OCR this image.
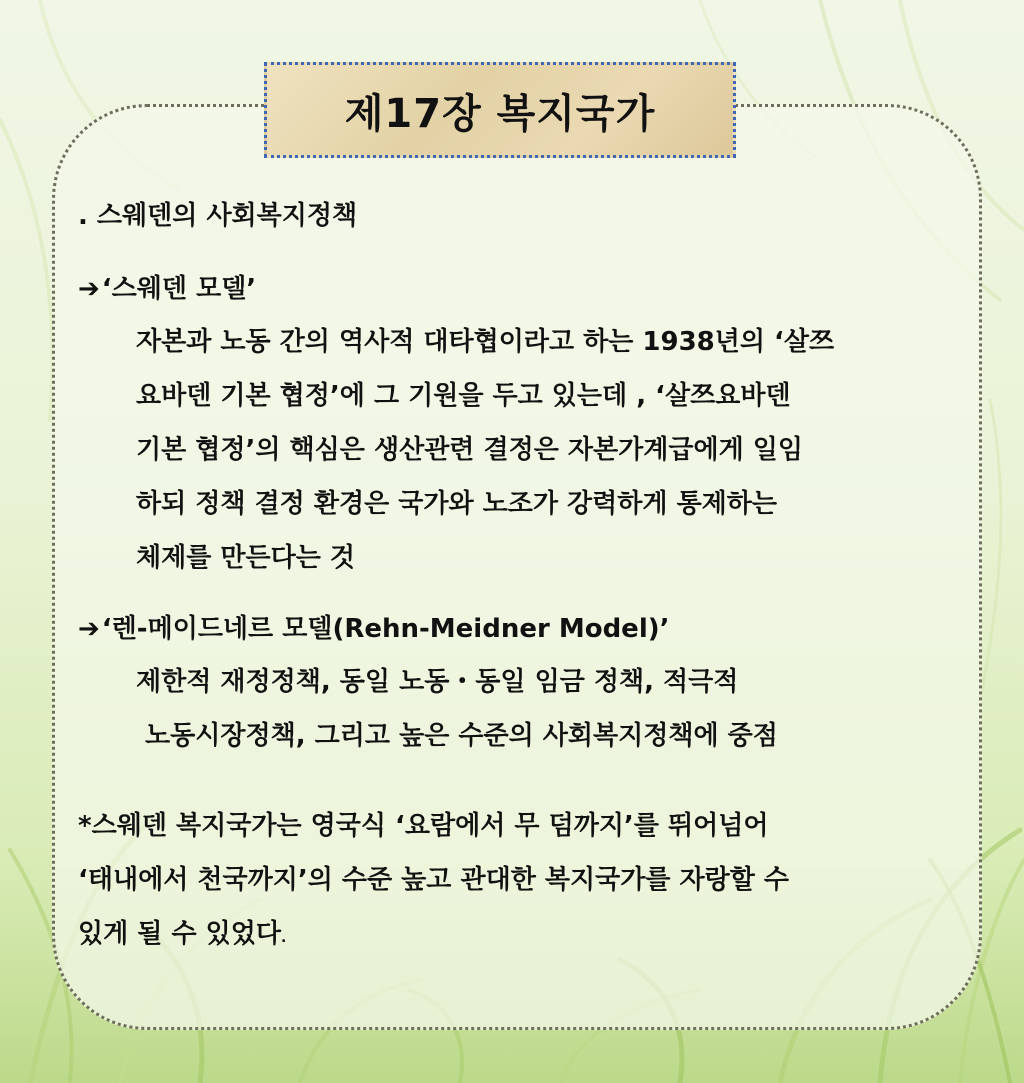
제17장 복지국가
. 스웨덴의 사회복지정책
➔‘스웨덴 모델’
자본과 노동 간의 역사적 대타협이라고 하는 1938년의 ‘살쯔
요바덴 기본 협정’에 그 기원을 두고 있는데 , ‘살쯔요바덴
기본 협정’의 핵심은 생산관련 결정은 자본가계급에게 일임
하되 정책 결정 환경은 국가와 노조가 강력하게 통제하는
체제를 만든다는 것
➔‘렌-메이드네르 모델(Rehn-Meidner Model)’
제한적 재정정책, 동일 노동・동일 임금 정책, 적극적
노동시장정책, 그리고 높은 수준의 사회복지정책에 중점
*스웨덴 복지국가는 영국식 ‘요람에서 무 덤까지’를 뛰어넘어
‘태내에서 천국까지’의 수준 높고 관대한 복지국가를 자랑할 수
있게 될 수 있었다.
